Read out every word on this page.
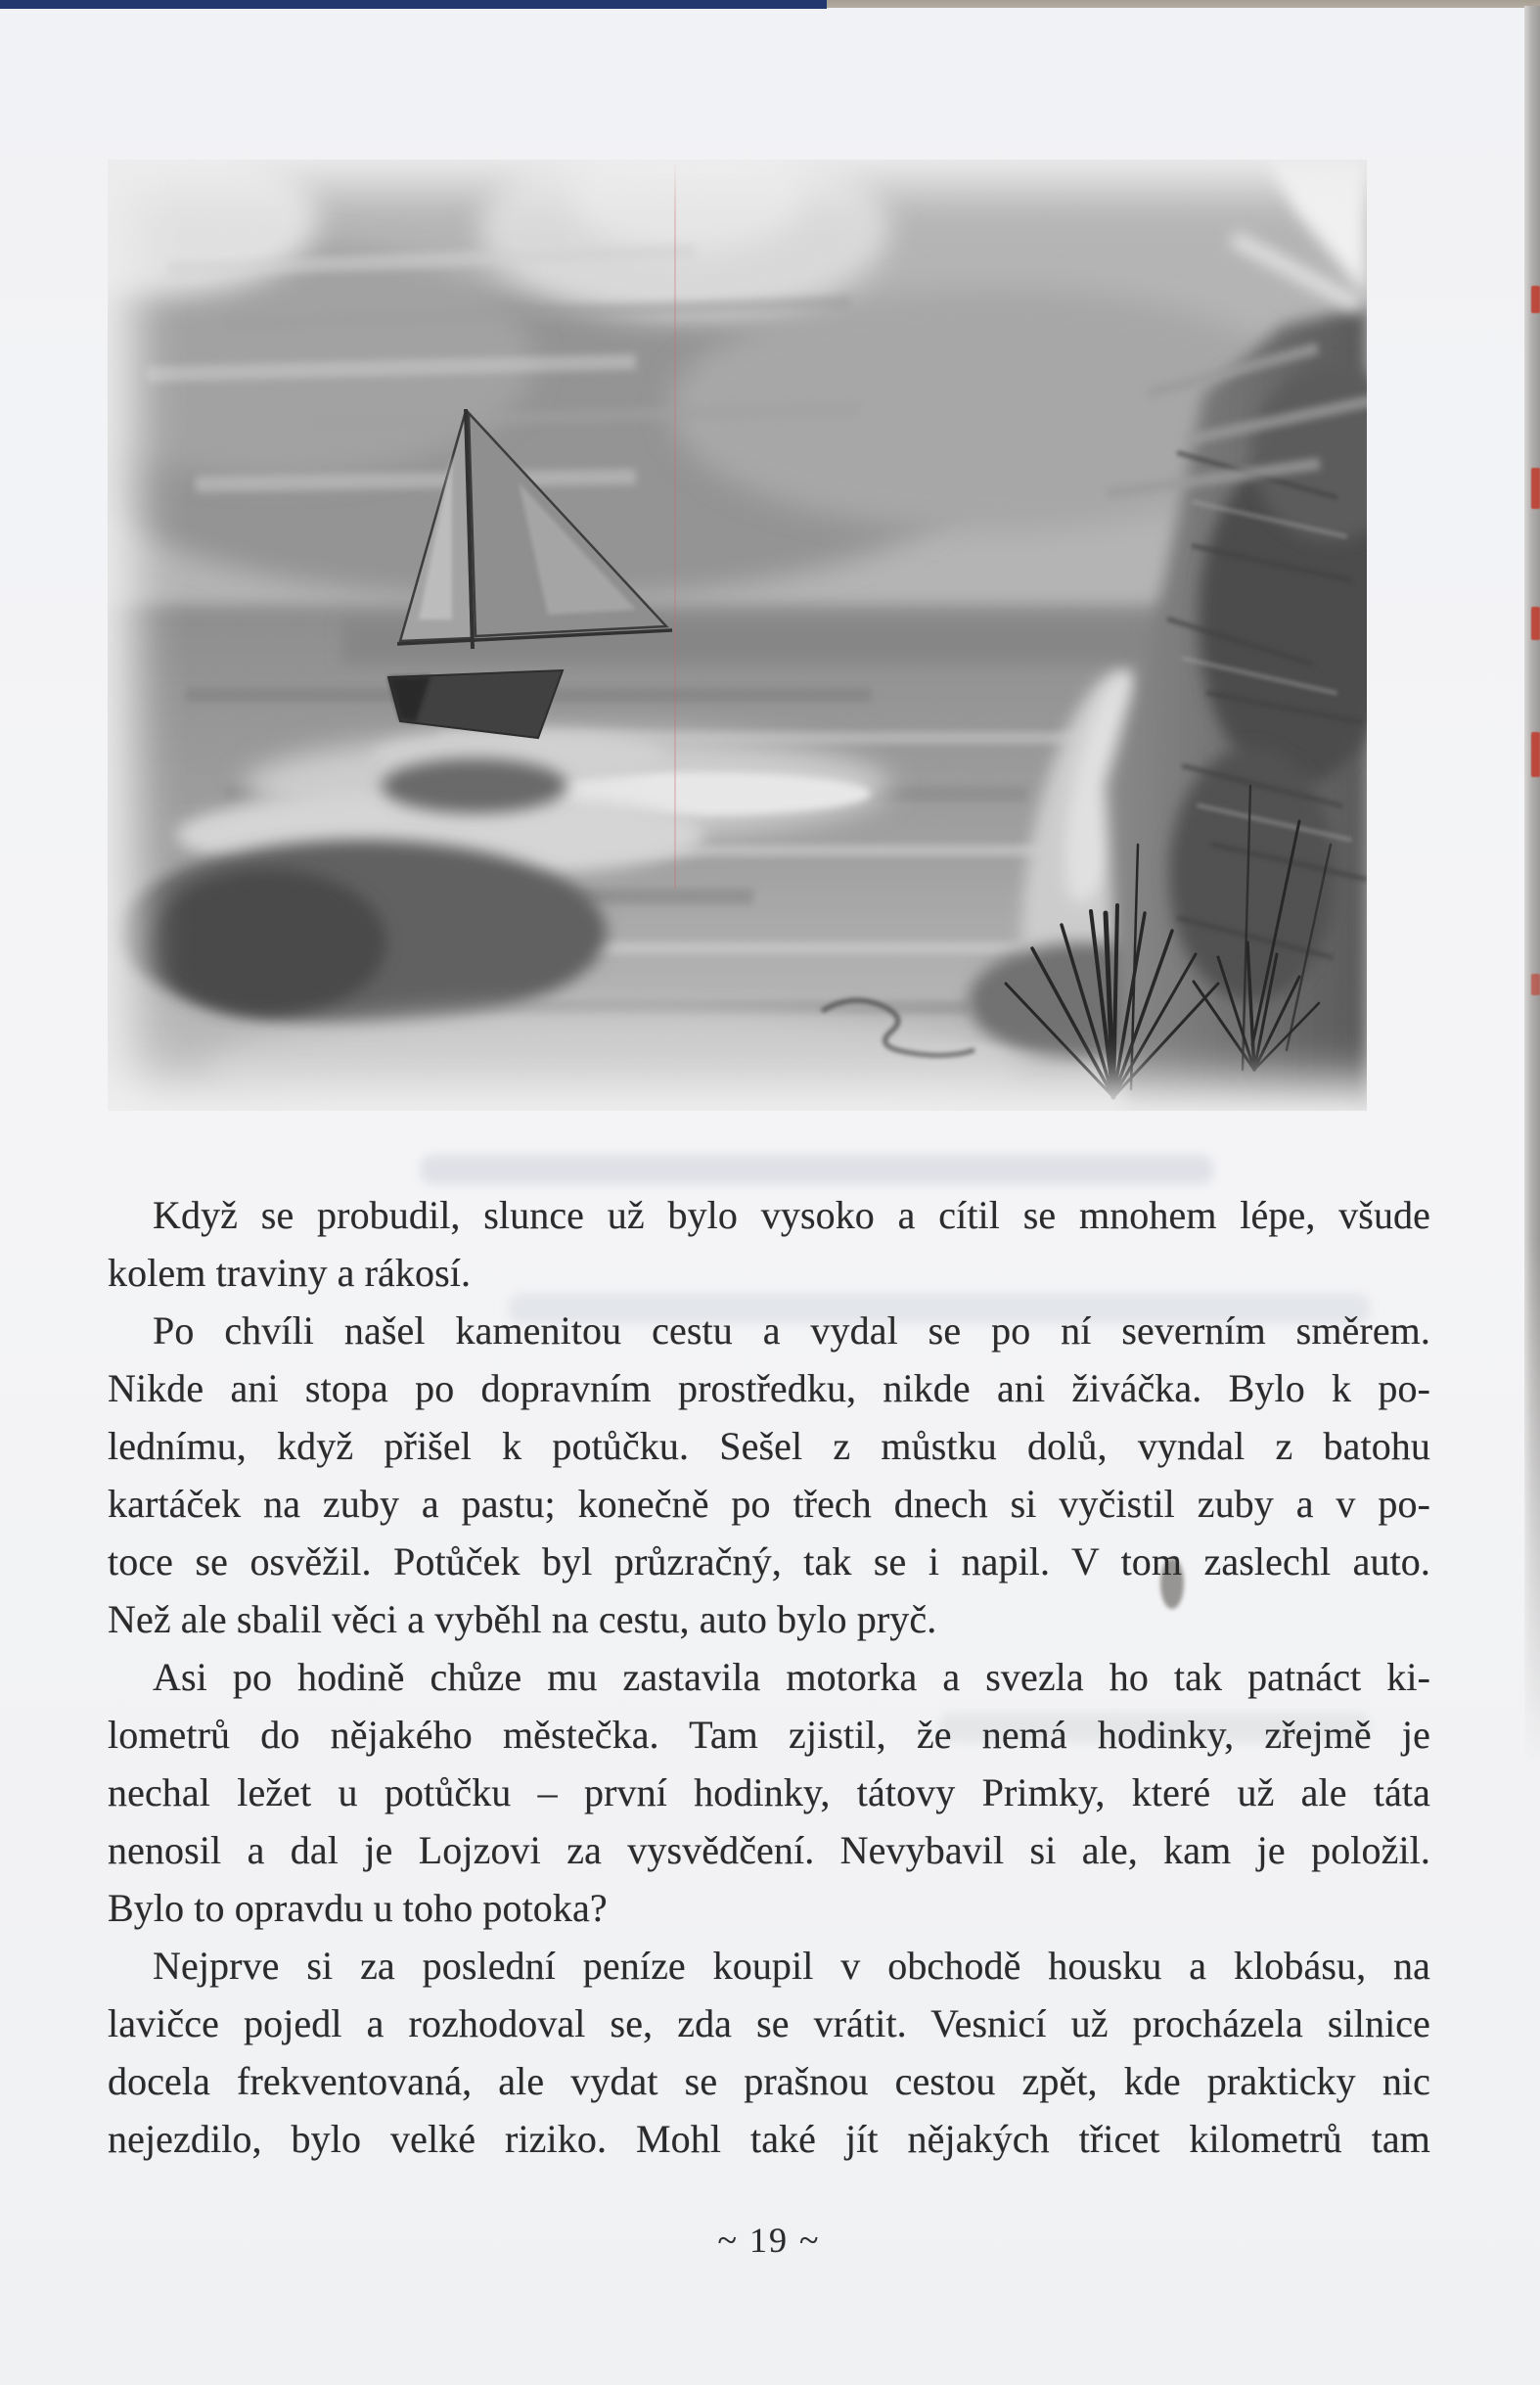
Když se probudil, slunce už bylo vysoko a cítil se mnohem lépe, všude
kolem traviny a rákosí.
Po chvíli našel kamenitou cestu a vydal se po ní severním směrem.
Nikde ani stopa po dopravním prostředku, nikde ani živáčka. Bylo k po-
lednímu, když přišel k potůčku. Sešel z můstku dolů, vyndal z batohu
kartáček na zuby a pastu; konečně po třech dnech si vyčistil zuby a v po-
toce se osvěžil. Potůček byl průzračný, tak se i napil. V tom zaslechl auto.
Než ale sbalil věci a vyběhl na cestu, auto bylo pryč.
Asi po hodině chůze mu zastavila motorka a svezla ho tak patnáct ki-
lometrů do nějakého městečka. Tam zjistil, že nemá hodinky, zřejmě je
nechal ležet u potůčku – první hodinky, tátovy Primky, které už ale táta
nenosil a dal je Lojzovi za vysvědčení. Nevybavil si ale, kam je položil.
Bylo to opravdu u toho potoka?
Nejprve si za poslední peníze koupil v obchodě housku a klobásu, na
lavičce pojedl a rozhodoval se, zda se vrátit. Vesnicí už procházela silnice
docela frekventovaná, ale vydat se prašnou cestou zpět, kde prakticky nic
nejezdilo, bylo velké riziko. Mohl také jít nějakých třicet kilometrů tam
~ 19 ~
